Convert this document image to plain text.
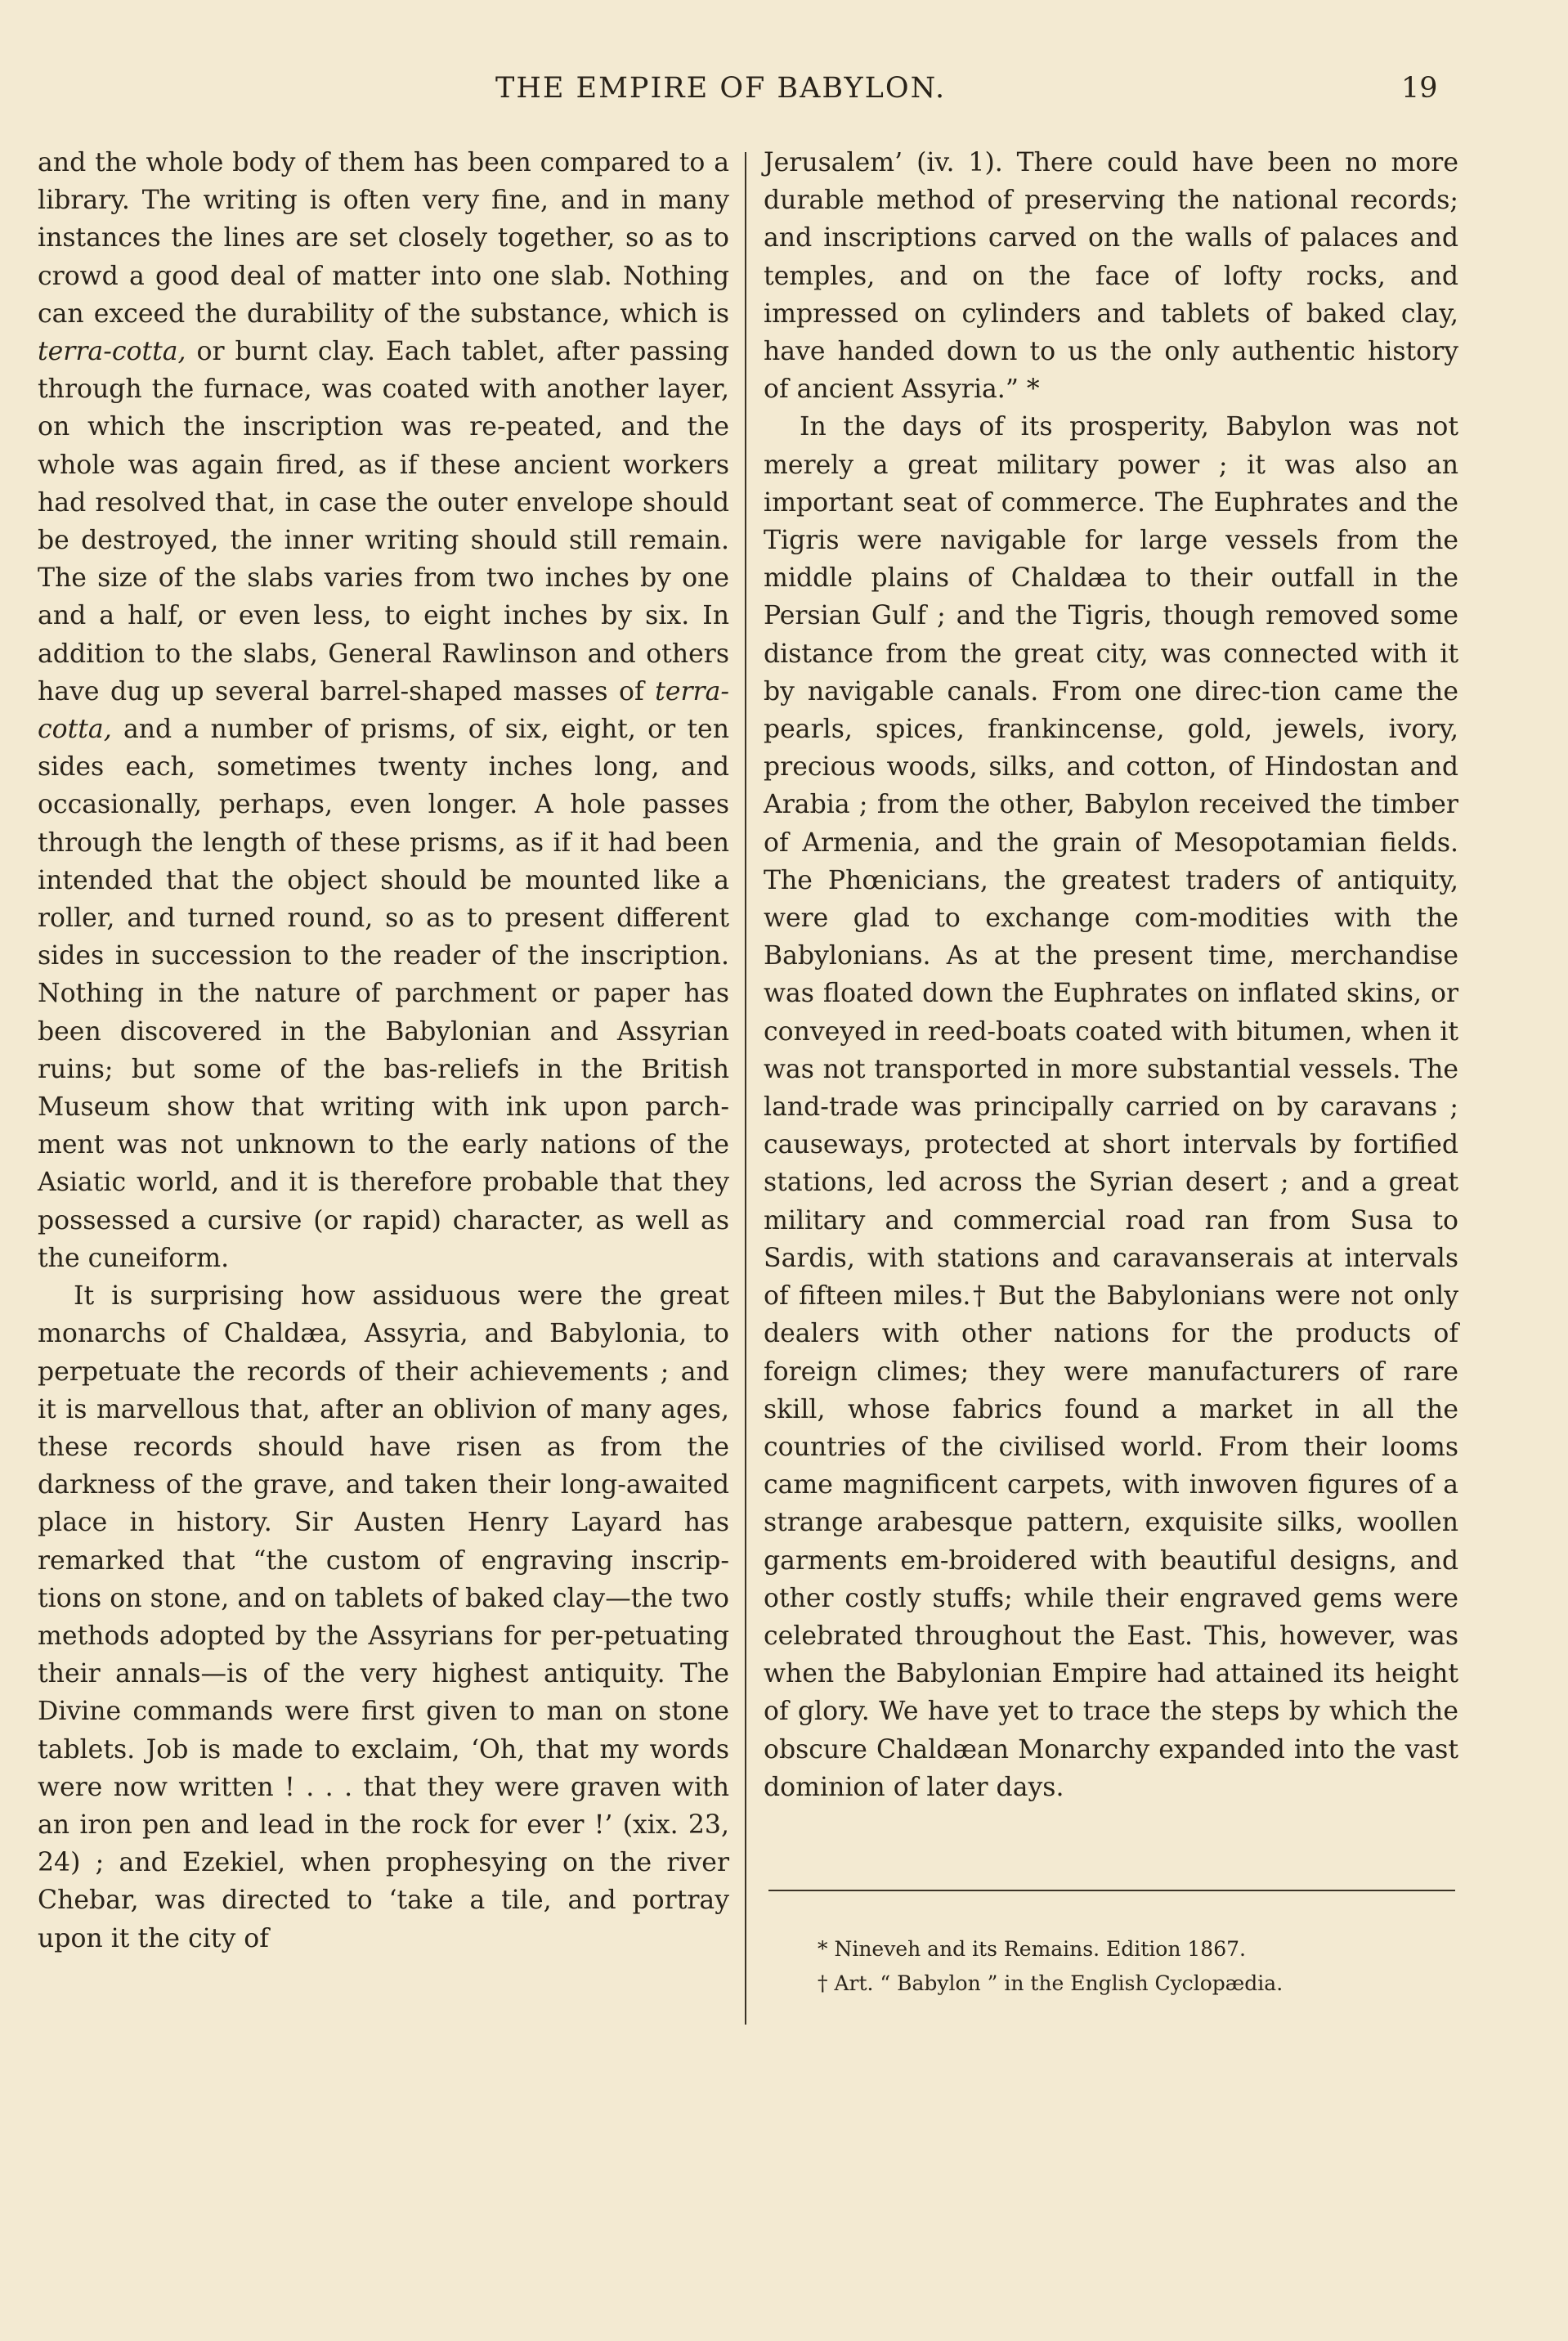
THE EMPIRE OF BABYLON.	19

and the whole body of them has been compared to a library. The writing is often very fine, and in many instances the lines are set closely together, so as to crowd a good deal of matter into one slab. Nothing can exceed the durability of the substance, which is terra-cotta, or burnt clay. Each tablet, after passing through the furnace, was coated with another layer, on which the inscription was re-peated, and the whole was again fired, as if these ancient workers had resolved that, in case the outer envelope should be destroyed, the inner writing should still remain. The size of the slabs varies from two inches by one and a half, or even less, to eight inches by six. In addition to the slabs, General Rawlinson and others have dug up several barrel-shaped masses of terra-cotta, and a number of prisms, of six, eight, or ten sides each, sometimes twenty inches long, and occasionally, perhaps, even longer. A hole passes through the length of these prisms, as if it had been intended that the object should be mounted like a roller, and turned round, so as to present different sides in succession to the reader of the inscription. Nothing in the nature of parchment or paper has been discovered in the Babylonian and Assyrian ruins; but some of the bas-reliefs in the British Museum show that writing with ink upon parch-ment was not unknown to the early nations of the Asiatic world, and it is therefore probable that they possessed a cursive (or rapid) character, as well as the cuneiform.

It is surprising how assiduous were the great monarchs of Chaldæa, Assyria, and Babylonia, to perpetuate the records of their achievements ; and it is marvellous that, after an oblivion of many ages, these records should have risen as from the darkness of the grave, and taken their long-awaited place in history. Sir Austen Henry Layard has remarked that “the custom of engraving inscrip-tions on stone, and on tablets of baked clay—the two methods adopted by the Assyrians for per-petuating their annals—is of the very highest antiquity. The Divine commands were first given to man on stone tablets. Job is made to exclaim, ‘Oh, that my words were now written ! . . . that they were graven with an iron pen and lead in the rock for ever !’ (xix. 23, 24) ; and Ezekiel, when prophesying on the river Chebar, was directed to ‘take a tile, and portray upon it the city of

Jerusalem’ (iv. 1). There could have been no more durable method of preserving the national records; and inscriptions carved on the walls of palaces and temples, and on the face of lofty rocks, and impressed on cylinders and tablets of baked clay, have handed down to us the only authentic history of ancient Assyria.” *

In the days of its prosperity, Babylon was not merely a great military power ; it was also an important seat of commerce. The Euphrates and the Tigris were navigable for large vessels from the middle plains of Chaldæa to their outfall in the Persian Gulf ; and the Tigris, though removed some distance from the great city, was connected with it by navigable canals. From one direc-tion came the pearls, spices, frankincense, gold, jewels, ivory, precious woods, silks, and cotton, of Hindostan and Arabia ; from the other, Babylon received the timber of Armenia, and the grain of Mesopotamian fields. The Phœnicians, the greatest traders of antiquity, were glad to exchange com-modities with the Babylonians. As at the present time, merchandise was floated down the Euphrates on inflated skins, or conveyed in reed-boats coated with bitumen, when it was not transported in more substantial vessels. The land-trade was principally carried on by caravans ; causeways, protected at short intervals by fortified stations, led across the Syrian desert ; and a great military and commercial road ran from Susa to Sardis, with stations and caravanserais at intervals of fifteen miles.† But the Babylonians were not only dealers with other nations for the products of foreign climes; they were manufacturers of rare skill, whose fabrics found a market in all the countries of the civilised world. From their looms came magnificent carpets, with inwoven figures of a strange arabesque pattern, exquisite silks, woollen garments em-broidered with beautiful designs, and other costly stuffs; while their engraved gems were celebrated throughout the East. This, however, was when the Babylonian Empire had attained its height of glory. We have yet to trace the steps by which the obscure Chaldæan Monarchy expanded into the vast dominion of later days.

* Nineveh and its Remains. Edition 1867.
† Art. “ Babylon ” in the English Cyclopædia.
